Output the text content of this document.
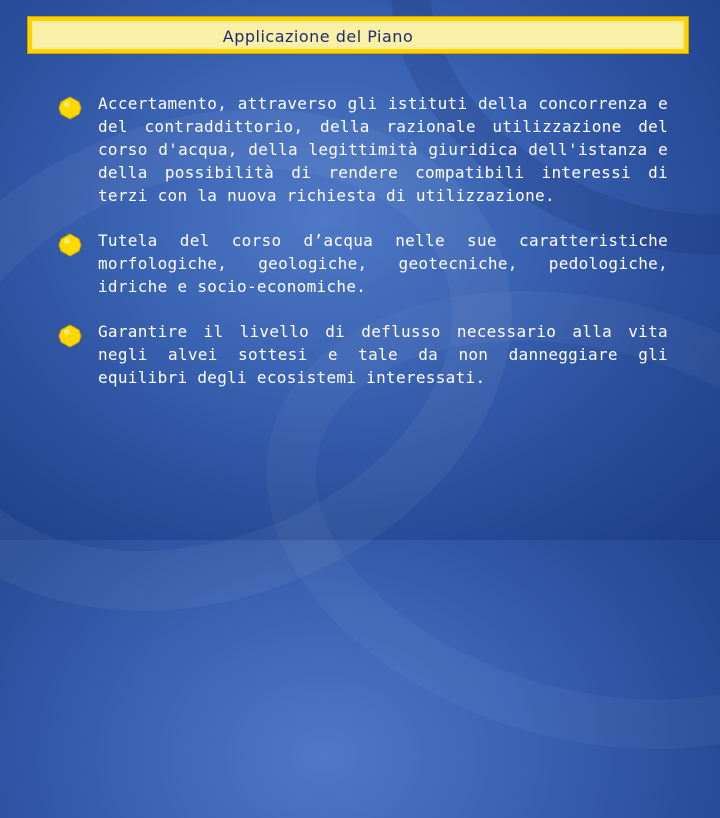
Applicazione del Piano

Accertamento, attraverso gli istituti della concorrenza e del contraddittorio, della razionale utilizzazione del corso d'acqua, della legittimità giuridica dell'istanza e della possibilità di rendere compatibili interessi di terzi con la nuova richiesta di utilizzazione.

Tutela del corso d’acqua nelle sue caratteristiche morfologiche, geologiche, geotecniche, pedologiche, idriche e socio-economiche.

Garantire il livello di deflusso necessario alla vita negli alvei sottesi e tale da non danneggiare gli equilibri degli ecosistemi interessati.
